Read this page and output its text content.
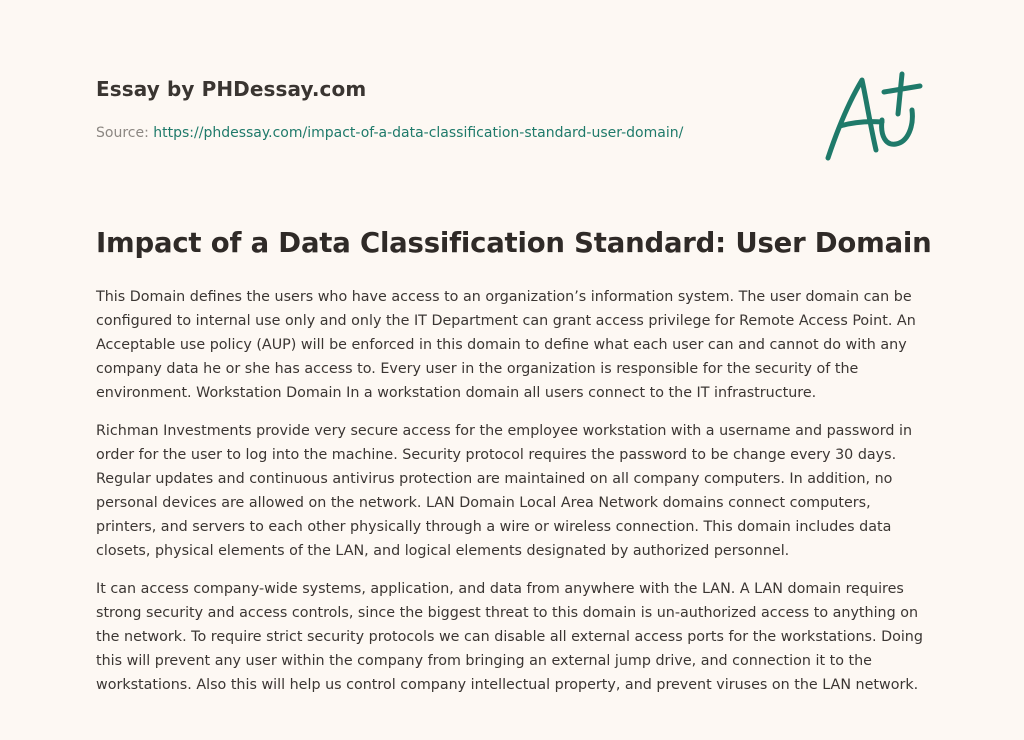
Essay by PHDessay.com
Source: https://phdessay.com/impact-of-a-data-classification-standard-user-domain/
Impact of a Data Classification Standard: User Domain

This Domain defines the users who have access to an organization’s information system. The user domain can be configured to internal use only and only the IT Department can grant access privilege for Remote Access Point. An Acceptable use policy (AUP) will be enforced in this domain to define what each user can and cannot do with any company data he or she has access to. Every user in the organization is responsible for the security of the environment. Workstation Domain In a workstation domain all users connect to the IT infrastructure.

Richman Investments provide very secure access for the employee workstation with a username and password in order for the user to log into the machine. Security protocol requires the password to be change every 30 days. Regular updates and continuous antivirus protection are maintained on all company computers. In addition, no personal devices are allowed on the network. LAN Domain Local Area Network domains connect computers, printers, and servers to each other physically through a wire or wireless connection. This domain includes data closets, physical elements of the LAN, and logical elements designated by authorized personnel.

It can access company-wide systems, application, and data from anywhere with the LAN. A LAN domain requires strong security and access controls, since the biggest threat to this domain is un-authorized access to anything on the network. To require strict security protocols we can disable all external access ports for the workstations. Doing this will prevent any user within the company from bringing an external jump drive, and connection it to the workstations. Also this will help us control company intellectual property, and prevent viruses on the LAN network.
